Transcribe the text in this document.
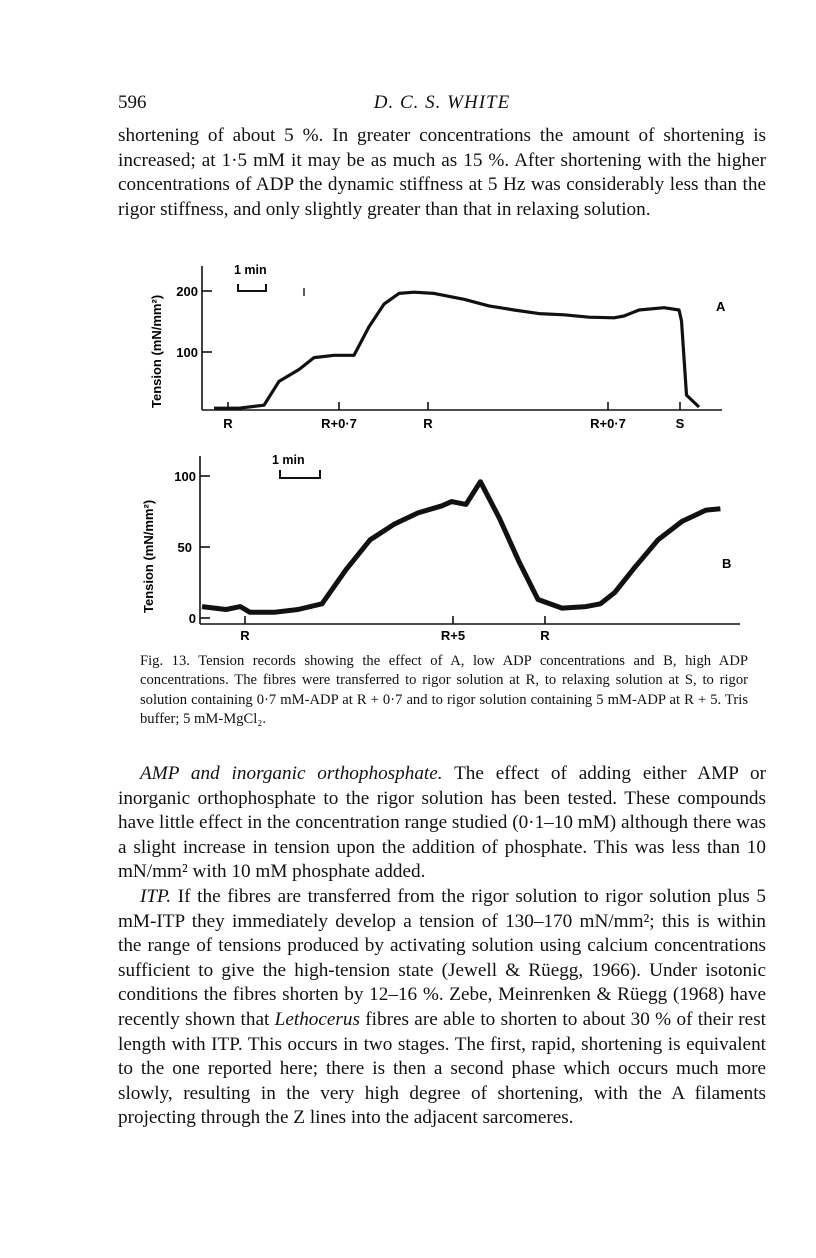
596	D. C. S. WHITE

shortening of about 5 %. In greater concentrations the amount of shortening is increased; at 1·5 mM it may be as much as 15 %. After shortening with the higher concentrations of ADP the dynamic stiffness at 5 Hz was considerably less than the rigor stiffness, and only slightly greater than that in relaxing solution.

200
100
Tension (mN/mm²)
1 min
R	R+0·7	R	R+0·7	S
A
100
50
0
Tension (mN/mm²)
1 min
R	R+5	R
B
Fig. 13. Tension records showing the effect of A, low ADP concentrations and B, high ADP concentrations. The fibres were transferred to rigor solution at R, to relaxing solution at S, to rigor solution containing 0·7 mM-ADP at R + 0·7 and to rigor solution containing 5 mM-ADP at R + 5. Tris buffer; 5 mM-MgCl₂.

AMP and inorganic orthophosphate. The effect of adding either AMP or inorganic orthophosphate to the rigor solution has been tested. These compounds have little effect in the concentration range studied (0·1–10 mM) although there was a slight increase in tension upon the addition of phosphate. This was less than 10 mN/mm² with 10 mM phosphate added.

ITP. If the fibres are transferred from the rigor solution to rigor solution plus 5 mM-ITP they immediately develop a tension of 130–170 mN/mm²; this is within the range of tensions produced by activating solution using calcium concentrations sufficient to give the high-tension state (Jewell & Rüegg, 1966). Under isotonic conditions the fibres shorten by 12–16 %. Zebe, Meinrenken & Rüegg (1968) have recently shown that Lethocerus fibres are able to shorten to about 30 % of their rest length with ITP. This occurs in two stages. The first, rapid, shortening is equivalent to the one reported here; there is then a second phase which occurs much more slowly, resulting in the very high degree of shortening, with the A filaments projecting through the Z lines into the adjacent sarcomeres.
